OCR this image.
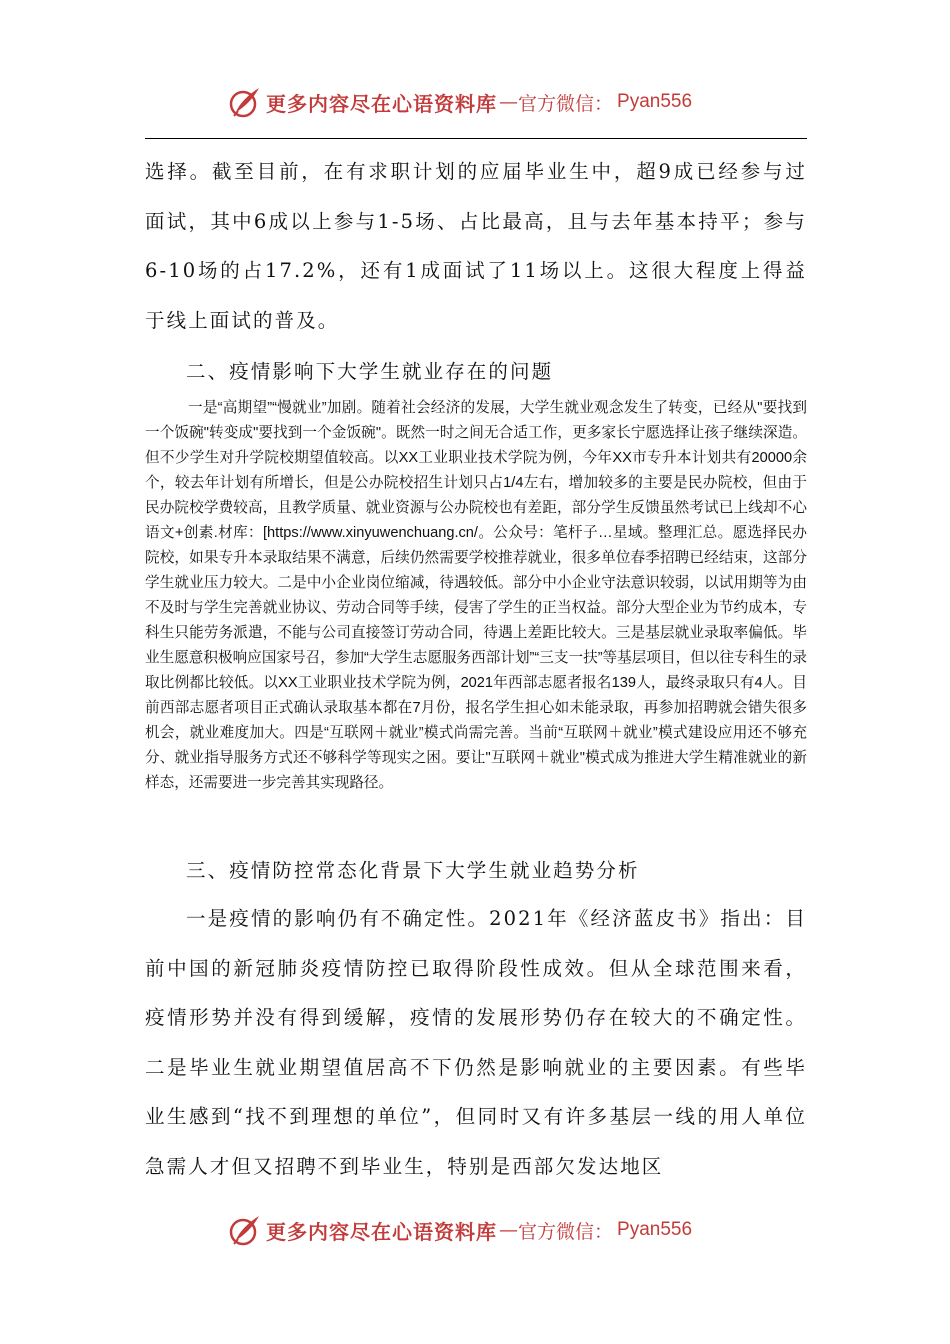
更多内容尽在心语资料库 — 官方微信： Pyan556

选择。截至目前，在有求职计划的应届毕业生中，超9成已经参与过面试，其中6成以上参与1-5场、占比最高，且与去年基本持平；参与6-10场的占17.2%，还有1成面试了11场以上。这很大程度上得益于线上面试的普及。

二、疫情影响下大学生就业存在的问题

一是“高期望”“慢就业”加剧。随着社会经济的发展，大学生就业观念发生了转变，已经从"要找到一个饭碗"转变成"要找到一个金饭碗"。既然一时之间无合适工作，更多家长宁愿选择让孩子继续深造。但不少学生对升学院校期望值较高。以XX工业职业技术学院为例，今年XX市专升本计划共有20000余个，较去年计划有所增长，但是公办院校招生计划只占1/4左右，增加较多的主要是民办院校，但由于民办院校学费较高，且教学质量、就业资源与公办院校也有差距，部分学生反馈虽然考试已上线却不心语文+创素.材库：[https://www.xinyuwenchuang.cn/。公众号：笔杆子…星域。整理汇总。愿选择民办院校，如果专升本录取结果不满意，后续仍然需要学校推荐就业，很多单位春季招聘已经结束，这部分学生就业压力较大。二是中小企业岗位缩减，待遇较低。部分中小企业守法意识较弱，以试用期等为由不及时与学生完善就业协议、劳动合同等手续，侵害了学生的正当权益。部分大型企业为节约成本，专科生只能劳务派遣，不能与公司直接签订劳动合同，待遇上差距比较大。三是基层就业录取率偏低。毕业生愿意积极响应国家号召，参加“大学生志愿服务西部计划”“三支一扶”等基层项目，但以往专科生的录取比例都比较低。以XX工业职业技术学院为例，2021年西部志愿者报名139人，最终录取只有4人。目前西部志愿者项目正式确认录取基本都在7月份，报名学生担心如未能录取，再参加招聘就会错失很多机会，就业难度加大。四是“互联网＋就业”模式尚需完善。当前“互联网＋就业”模式建设应用还不够充分、就业指导服务方式还不够科学等现实之困。要让"互联网＋就业"模式成为推进大学生精准就业的新样态，还需要进一步完善其实现路径。

三、疫情防控常态化背景下大学生就业趋势分析

一是疫情的影响仍有不确定性。2021年《经济蓝皮书》指出：目前中国的新冠肺炎疫情防控已取得阶段性成效。但从全球范围来看，疫情形势并没有得到缓解，疫情的发展形势仍存在较大的不确定性。二是毕业生就业期望值居高不下仍然是影响就业的主要因素。有些毕业生感到“找不到理想的单位”，但同时又有许多基层一线的用人单位急需人才但又招聘不到毕业生，特别是西部欠发达地区

更多内容尽在心语资料库 — 官方微信： Pyan556
